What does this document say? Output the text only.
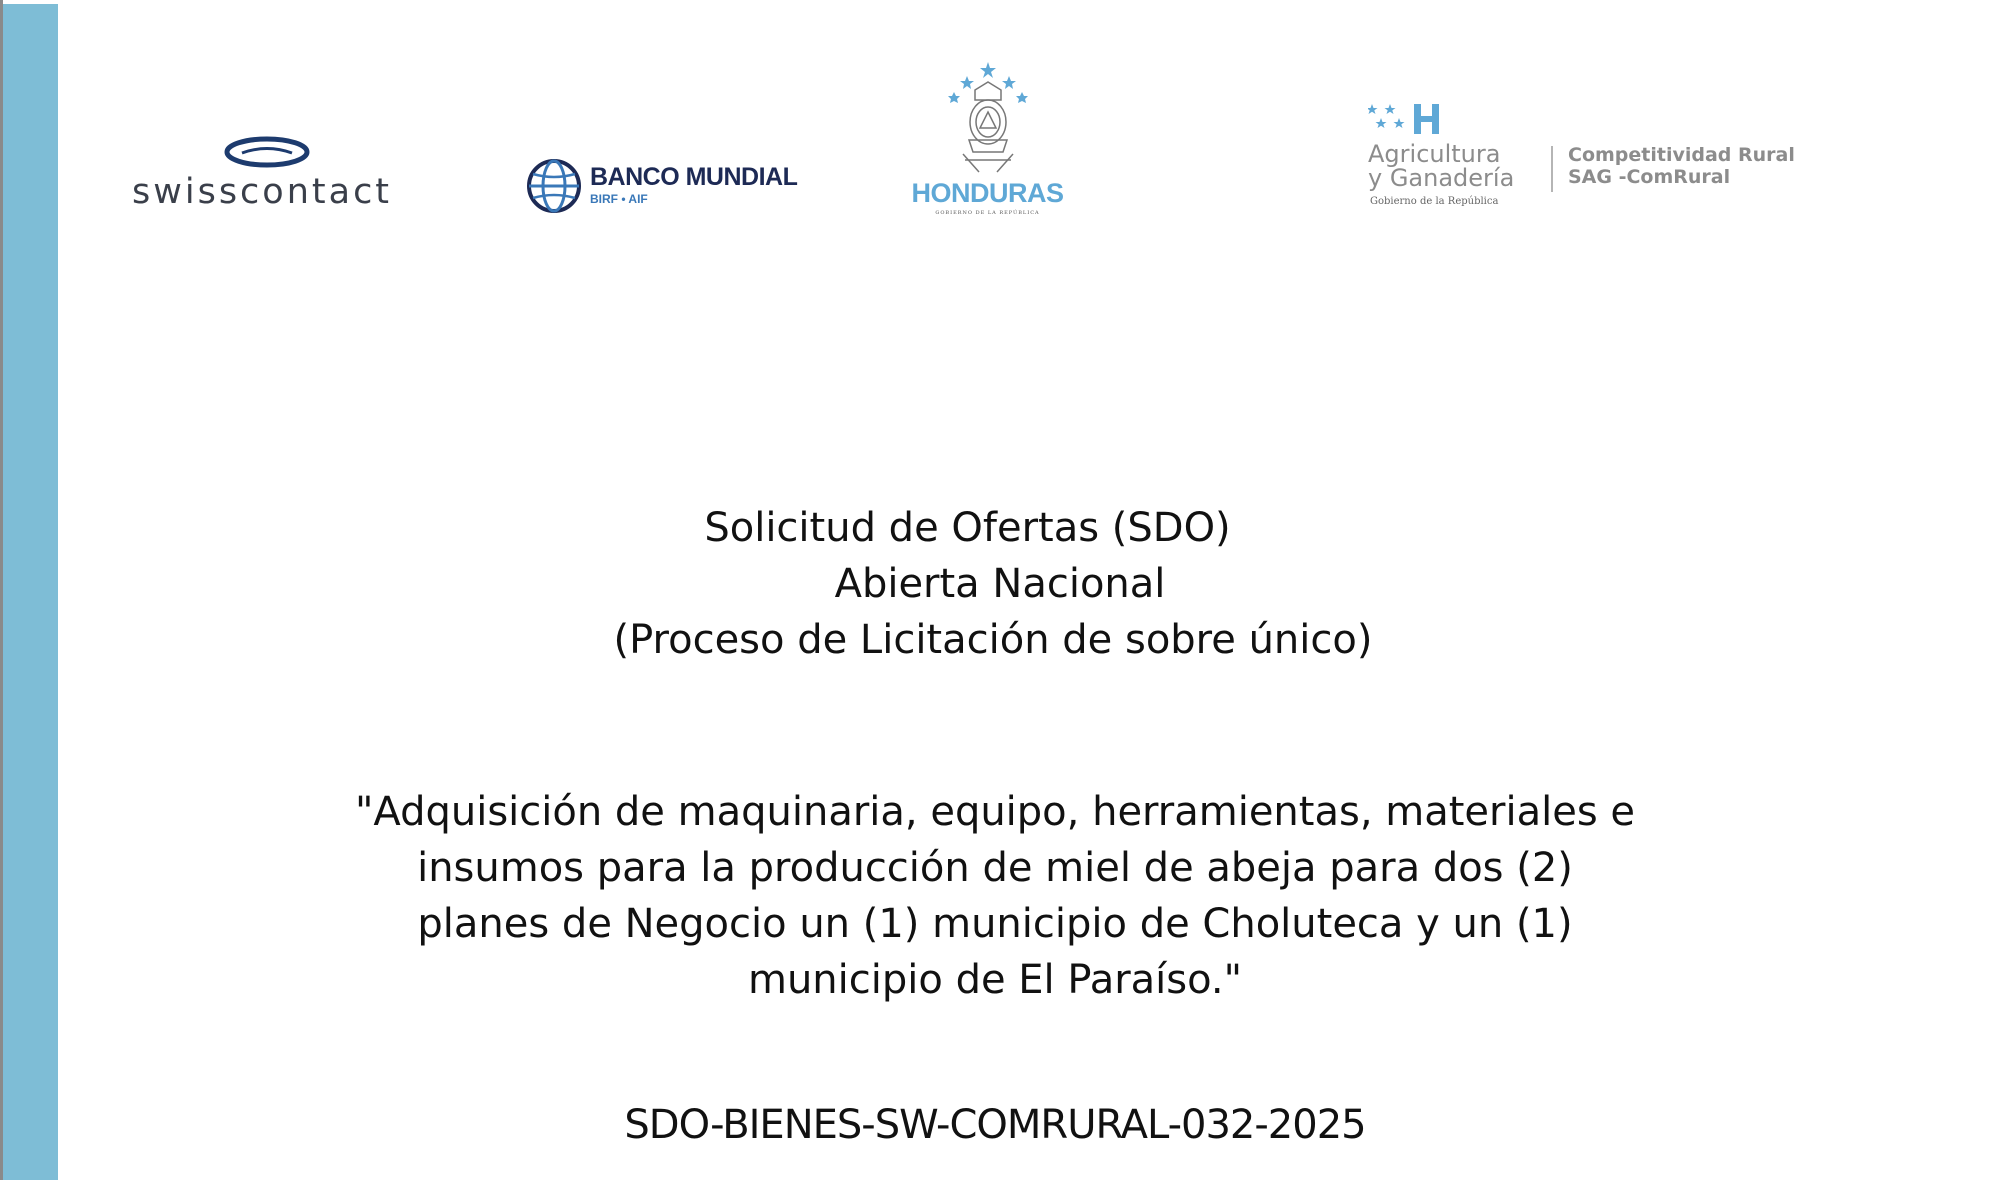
swisscontact	BANCO MUNDIAL
BIRF • AIF	HONDURAS
GOBIERNO DE LA REPÚBLICA
Agricultura
y Ganadería
Gobierno de la República
Competitividad Rural
SAG -ComRural
Solicitud de Ofertas (SDO)
Abierta Nacional
(Proceso de Licitación de sobre único)
"Adquisición de maquinaria, equipo, herramientas, materiales e
insumos para la producción de miel de abeja para dos (2)
planes de Negocio un (1) municipio de Choluteca y un (1)
municipio de El Paraíso."
SDO-BIENES-SW-COMRURAL-032-2025
